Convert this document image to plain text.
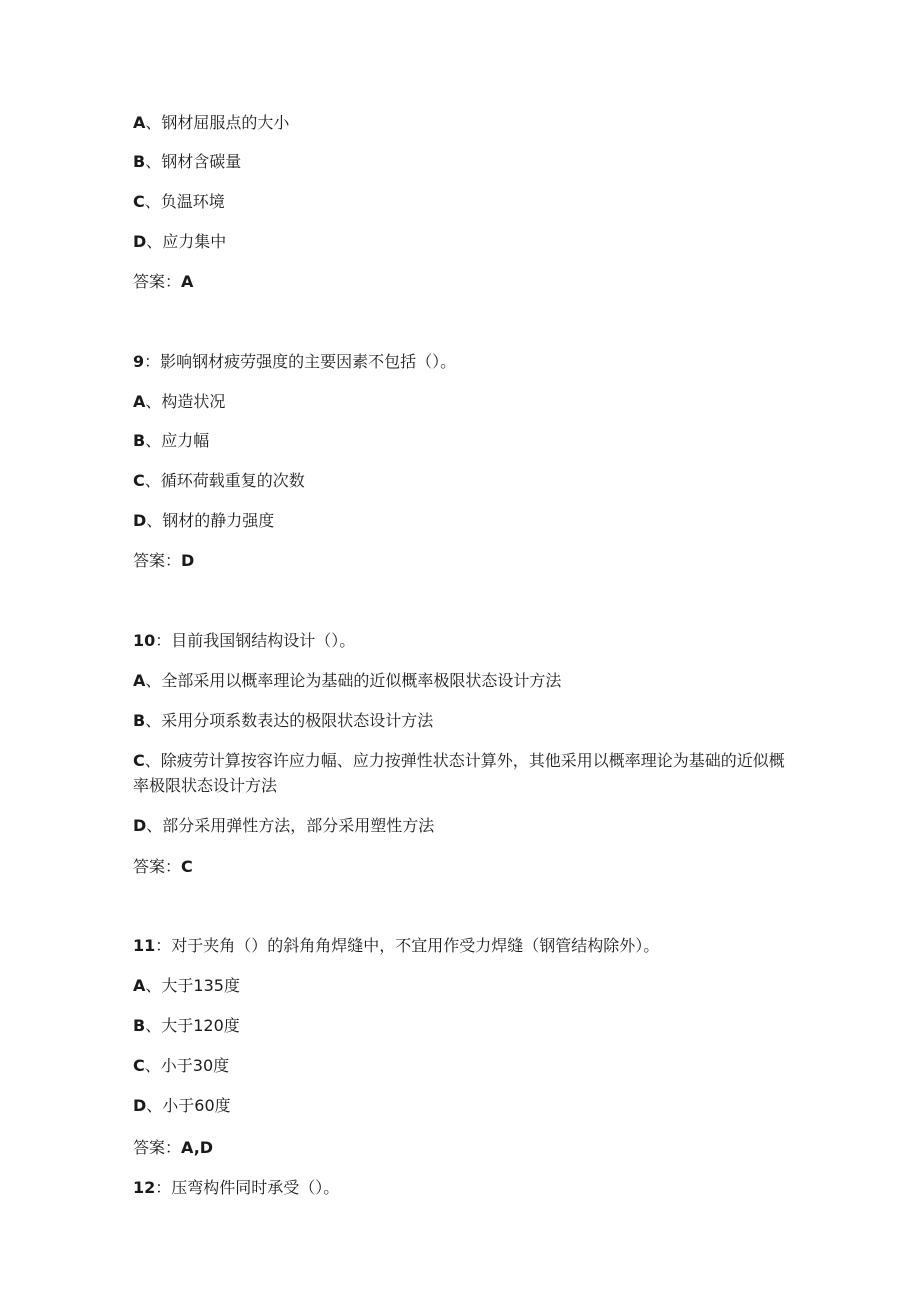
A、钢材屈服点的大小
B、钢材含碳量
C、负温环境
D、应力集中
答案：A
9：影响钢材疲劳强度的主要因素不包括（）。
A、构造状况
B、应力幅
C、循环荷载重复的次数
D、钢材的静力强度
答案：D
10：目前我国钢结构设计（）。
A、全部采用以概率理论为基础的近似概率极限状态设计方法
B、采用分项系数表达的极限状态设计方法
C、除疲劳计算按容许应力幅、应力按弹性状态计算外，其他采用以概率理论为基础的近似概率极限状态设计方法
D、部分采用弹性方法，部分采用塑性方法
答案：C
11：对于夹角（）的斜角角焊缝中，不宜用作受力焊缝（钢管结构除外）。
A、大于135度
B、大于120度
C、小于30度
D、小于60度
答案：A,D
12：压弯构件同时承受（）。
